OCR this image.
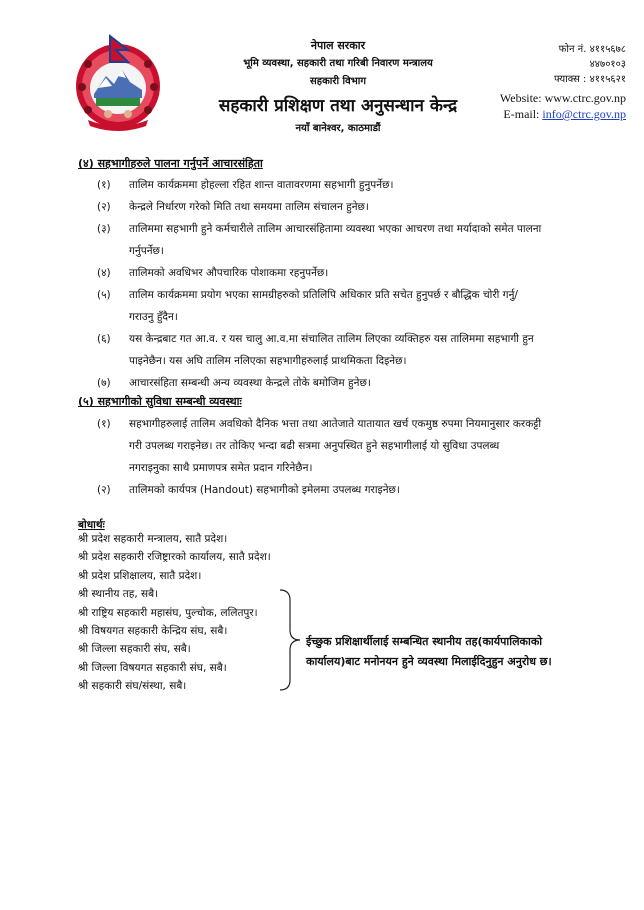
नेपाल सरकार
भूमि व्यवस्था, सहकारी तथा गरिबी निवारण मन्त्रालय
सहकारी विभाग
सहकारी प्रशिक्षण तथा अनुसन्धान केन्द्र
नयाँ बानेश्वर, काठमाडौं
फोन नं. ४११५६७८
४४७०१०३
फ्याक्स : ४११५६२१
Website: www.ctrc.gov.np
E-mail: info@ctrc.gov.np
(४) सहभागीहरुले पालना गर्नुपर्ने आचारसंहिता
(१) तालिम कार्यक्रममा होहल्ला रहित शान्त वातावरणमा सहभागी हुनुपर्नेछ।
(२) केन्द्रले निर्धारण गरेको मिति तथा समयमा तालिम संचालन हुनेछ।
(३) तालिममा सहभागी हुने कर्मचारीले तालिम आचारसंहितामा व्यवस्था भएका आचरण तथा मर्यादाको समेत पालना
गर्नुपर्नेछ।
(४) तालिमको अवधिभर औपचारिक पोशाकमा रहनुपर्नेछ।
(५) तालिम कार्यक्रममा प्रयोग भएका सामग्रीहरुको प्रतिलिपि अधिकार प्रति सचेत हुनुपर्छ र बौद्धिक चोरी गर्नु/
गराउनु हुँदैन।
(६) यस केन्द्रबाट गत आ.व. र यस चालु आ.व.मा संचालित तालिम लिएका व्यक्तिहरु यस तालिममा सहभागी हुन
पाइनेछैन। यस अघि तालिम नलिएका सहभागीहरुलाई प्राथमिकता दिइनेछ।
(७) आचारसंहिता सम्बन्धी अन्य व्यवस्था केन्द्रले तोके बमोजिम हुनेछ।
(५) सहभागीको सुविधा सम्बन्धी व्यवस्थाः
(१) सहभागीहरुलाई तालिम अवधिको दैनिक भत्ता तथा आतेजाते यातायात खर्च एकमुष्ठ रुपमा नियमानुसार करकट्टी
गरी उपलब्ध गराइनेछ। तर तोकिए भन्दा बढी सत्रमा अनुपस्थित हुने सहभागीलाई यो सुविधा उपलब्ध
नगराइनुका साथै प्रमाणपत्र समेत प्रदान गरिनेछैन।
(२) तालिमको कार्यपत्र (Handout) सहभागीको इमेलमा उपलब्ध गराइनेछ।
बोधार्थः
श्री प्रदेश सहकारी मन्त्रालय, सातै प्रदेश।
श्री प्रदेश सहकारी रजिष्ट्रारको कार्यालय, सातै प्रदेश।
श्री प्रदेश प्रशिक्षालय, सातै प्रदेश।
श्री स्थानीय तह, सबै।
श्री राष्ट्रिय सहकारी महासंघ, पुल्चोक, ललितपुर।
श्री विषयगत सहकारी केन्द्रिय संघ, सबै।
श्री जिल्ला सहकारी संघ, सबै।
श्री जिल्ला विषयगत सहकारी संघ, सबै।
श्री सहकारी संघ/संस्था, सबै।
ईच्छुक प्रशिक्षार्थीलाई सम्बन्धित स्थानीय तह(कार्यपालिकाको
कार्यालय)बाट मनोनयन हुने व्यवस्था मिलाईदिनुहुन अनुरोध छ।
